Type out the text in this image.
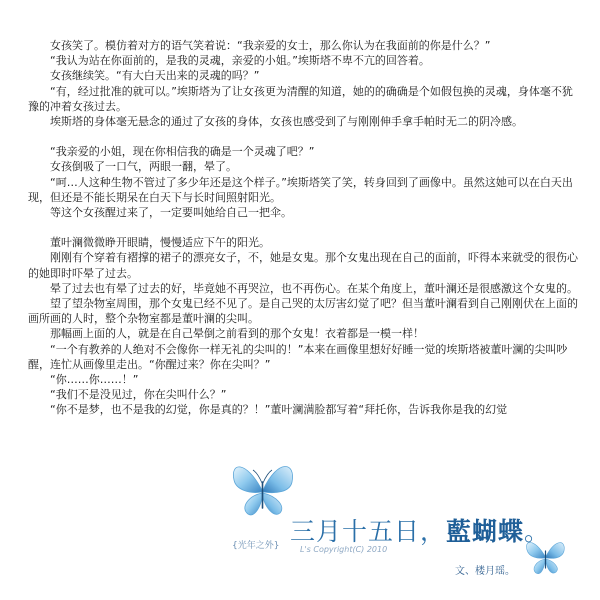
女孩笑了。模仿着对方的语气笑着说：“我亲爱的女士，那么你认为在我面前的你是什么？”

“我认为站在你面前的，是我的灵魂，亲爱的小姐。”埃斯塔不卑不亢的回答着。

女孩继续笑。“有大白天出来的灵魂的吗？”

“有，经过批准的就可以。”埃斯塔为了让女孩更为清醒的知道，她的的确确是个如假包换的灵魂，身体毫不犹豫的冲着女孩过去。

埃斯塔的身体毫无悬念的通过了女孩的身体，女孩也感受到了与刚刚伸手拿手帕时无二的阴冷感。

“我亲爱的小姐，现在你相信我的确是一个灵魂了吧？”

女孩倒吸了一口气，两眼一翻，晕了。

“呵…人这种生物不管过了多少年还是这个样子。”埃斯塔笑了笑，转身回到了画像中。虽然这她可以在白天出现，但还是不能长期呆在白天下与长时间照射阳光。

等这个女孩醒过来了，一定要叫她给自己一把伞。

董叶澜微微睁开眼睛，慢慢适应下午的阳光。

刚刚有个穿着有褶撑的裙子的漂亮女子，不，她是女鬼。那个女鬼出现在自己的面前，吓得本来就受的很伤心的她即时吓晕了过去。

晕了过去也有晕了过去的好，毕竟她不再哭泣，也不再伤心。在某个角度上，董叶澜还是很感激这个女鬼的。

望了望杂物室周围，那个女鬼已经不见了。是自己哭的太厉害幻觉了吧？但当董叶澜看到自己刚刚伏在上面的画所画的人时，整个杂物室都是董叶澜的尖叫。

那幅画上面的人，就是在自己晕倒之前看到的那个女鬼！衣着都是一模一样！

“一个有教养的人绝对不会像你一样无礼的尖叫的！”本来在画像里想好好睡一觉的埃斯塔被董叶澜的尖叫吵醒，连忙从画像里走出。“你醒过来？你在尖叫？”

“你……你……！”

“我们不是没见过，你在尖叫什么？”

“你不是梦，也不是我的幻觉，你是真的？！”董叶澜满脸都写着“拜托你，告诉我你是我的幻觉

三月十五日，藍蝴蝶。
{光年之外}	L's Copyright(C) 2010
文、楼月瑶。
